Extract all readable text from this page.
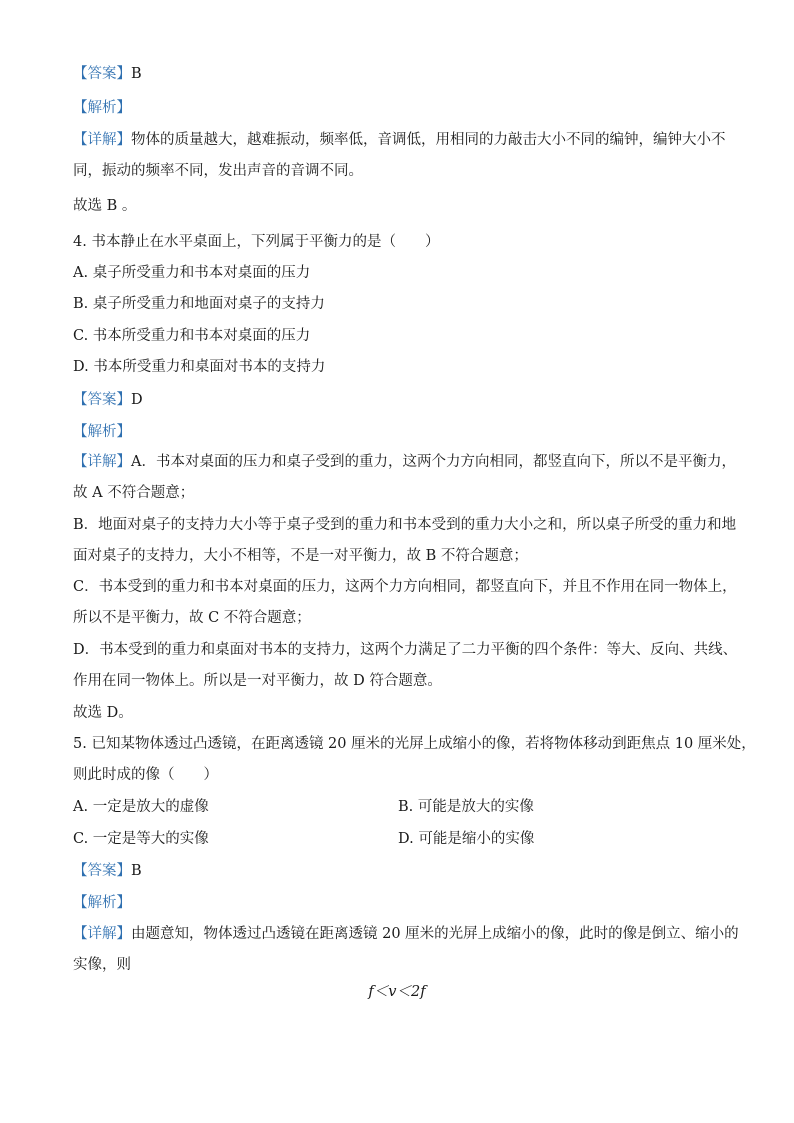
【答案】B
【解析】
【详解】物体的质量越大，越难振动，频率低，音调低，用相同的力敲击大小不同的编钟，编钟大小不
同，振动的频率不同，发出声音的音调不同。
故选 B 。
4. 书本静止在水平桌面上，下列属于平衡力的是（　　）
A. 桌子所受重力和书本对桌面的压力
B. 桌子所受重力和地面对桌子的支持力
C. 书本所受重力和书本对桌面的压力
D. 书本所受重力和桌面对书本的支持力
【答案】D
【解析】
【详解】A．书本对桌面的压力和桌子受到的重力，这两个力方向相同，都竖直向下，所以不是平衡力，
故 A 不符合题意；
B．地面对桌子的支持力大小等于桌子受到的重力和书本受到的重力大小之和，所以桌子所受的重力和地
面对桌子的支持力，大小不相等，不是一对平衡力，故 B 不符合题意；
C．书本受到的重力和书本对桌面的压力，这两个力方向相同，都竖直向下，并且不作用在同一物体上，
所以不是平衡力，故 C 不符合题意；
D．书本受到的重力和桌面对书本的支持力，这两个力满足了二力平衡的四个条件：等大、反向、共线、
作用在同一物体上。所以是一对平衡力，故 D 符合题意。
故选 D。
5. 已知某物体透过凸透镜，在距离透镜 20 厘米的光屏上成缩小的像，若将物体移动到距焦点 10 厘米处，
则此时成的像（　　）
A. 一定是放大的虚像	B. 可能是放大的实像
C. 一定是等大的实像	D. 可能是缩小的实像
【答案】B
【解析】
【详解】由题意知，物体透过凸透镜在距离透镜 20 厘米的光屏上成缩小的像，此时的像是倒立、缩小的
实像，则
f＜v＜2f
